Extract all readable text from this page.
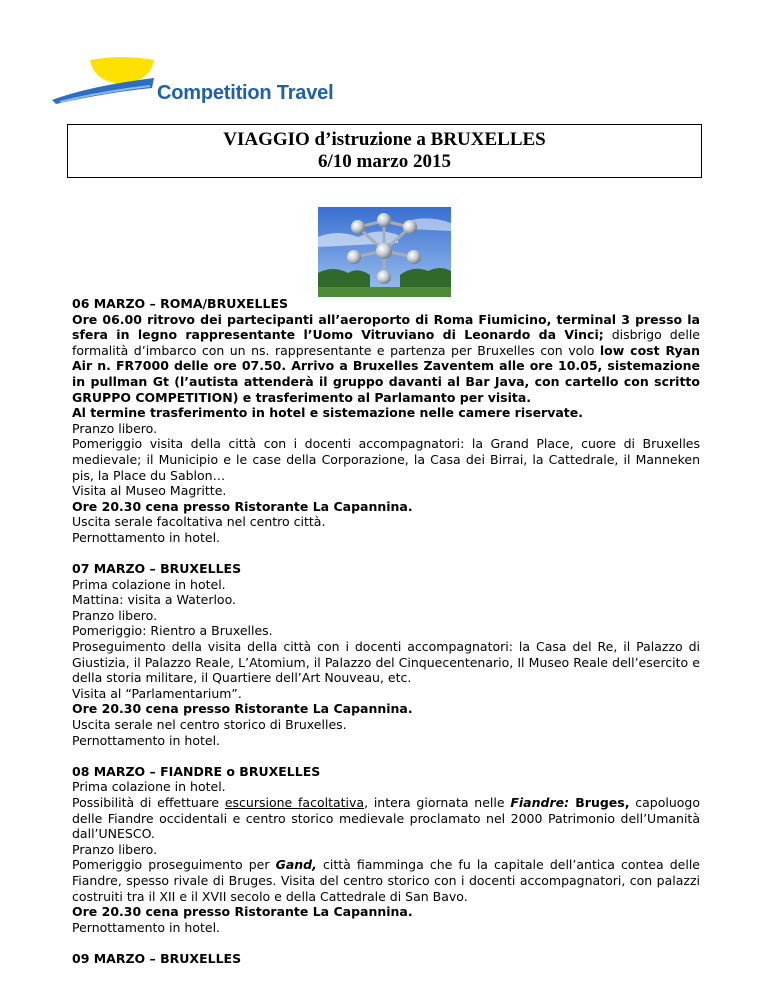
Competition Travel
VIAGGIO d’istruzione a BRUXELLES
6/10 marzo 2015

06 MARZO – ROMA/BRUXELLES

Ore 06.00 ritrovo dei partecipanti all’aeroporto di Roma Fiumicino, terminal 3 presso la sfera in legno rappresentante l’Uomo Vitruviano di Leonardo da Vinci; disbrigo delle formalità d’imbarco con un ns. rappresentante e partenza per Bruxelles con volo low cost Ryan Air n. FR7000 delle ore 07.50. Arrivo a Bruxelles Zaventem alle ore 10.05, sistemazione in pullman Gt (l’autista attenderà il gruppo davanti al Bar Java, con cartello con scritto GRUPPO COMPETITION) e trasferimento al Parlamanto per visita.

Al termine trasferimento in hotel e sistemazione nelle camere riservate.

Pranzo libero.

Pomeriggio visita della città con i docenti accompagnatori: la Grand Place, cuore di Bruxelles medievale; il Municipio e le case della Corporazione, la Casa dei Birrai, la Cattedrale, il Manneken pis, la Place du Sablon…

Visita al Museo Magritte.

Ore 20.30 cena presso Ristorante La Capannina.

Uscita serale facoltativa nel centro città.

Pernottamento in hotel.

07 MARZO – BRUXELLES

Prima colazione in hotel.

Mattina: visita a Waterloo.

Pranzo libero.

Pomeriggio: Rientro a Bruxelles.

Proseguimento della visita della città con i docenti accompagnatori: la Casa del Re, il Palazzo di Giustizia, il Palazzo Reale, L’Atomium, il Palazzo del Cinquecentenario, Il Museo Reale dell’esercito e della storia militare, il Quartiere dell’Art Nouveau, etc.

Visita al “Parlamentarium”.

Ore 20.30 cena presso Ristorante La Capannina.

Uscita serale nel centro storico di Bruxelles.

Pernottamento in hotel.

08 MARZO – FIANDRE o BRUXELLES

Prima colazione in hotel.

Possibilità di effettuare escursione facoltativa, intera giornata nelle Fiandre: Bruges, capoluogo delle Fiandre occidentali e centro storico medievale proclamato nel 2000 Patrimonio dell’Umanità dall’UNESCO.

Pranzo libero.

Pomeriggio proseguimento per Gand, città fiamminga che fu la capitale dell’antica contea delle Fiandre, spesso rivale di Bruges. Visita del centro storico con i docenti accompagnatori, con palazzi costruiti tra il XII e il XVII secolo e della Cattedrale di San Bavo.

Ore 20.30 cena presso Ristorante La Capannina.

Pernottamento in hotel.

09 MARZO – BRUXELLES
